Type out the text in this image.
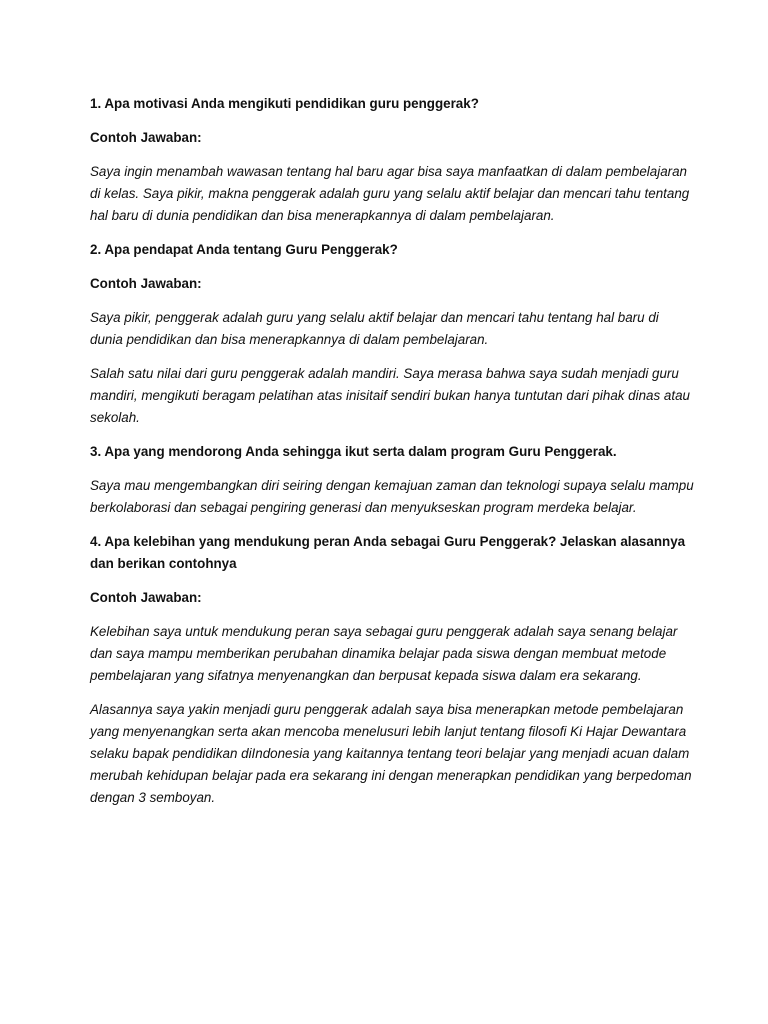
1. Apa motivasi Anda mengikuti pendidikan guru penggerak?

Contoh Jawaban:

Saya ingin menambah wawasan tentang hal baru agar bisa saya manfaatkan di dalam pembelajaran di kelas. Saya pikir, makna penggerak adalah guru yang selalu aktif belajar dan mencari tahu tentang hal baru di dunia pendidikan dan bisa menerapkannya di dalam pembelajaran.

2. Apa pendapat Anda tentang Guru Penggerak?

Contoh Jawaban:

Saya pikir, penggerak adalah guru yang selalu aktif belajar dan mencari tahu tentang hal baru di dunia pendidikan dan bisa menerapkannya di dalam pembelajaran.

Salah satu nilai dari guru penggerak adalah mandiri. Saya merasa bahwa saya sudah menjadi guru mandiri, mengikuti beragam pelatihan atas inisitaif sendiri bukan hanya tuntutan dari pihak dinas atau sekolah.

3. Apa yang mendorong Anda sehingga ikut serta dalam program Guru Penggerak.

Saya mau mengembangkan diri seiring dengan kemajuan zaman dan teknologi supaya selalu mampu berkolaborasi dan sebagai pengiring generasi dan menyukseskan program merdeka belajar.

4. Apa kelebihan yang mendukung peran Anda sebagai Guru Penggerak? Jelaskan alasannya dan berikan contohnya

Contoh Jawaban:

Kelebihan saya untuk mendukung peran saya sebagai guru penggerak adalah saya senang belajar dan saya mampu memberikan perubahan dinamika belajar pada siswa dengan membuat metode pembelajaran yang sifatnya menyenangkan dan berpusat kepada siswa dalam era sekarang.

Alasannya saya yakin menjadi guru penggerak adalah saya bisa menerapkan metode pembelajaran yang menyenangkan serta akan mencoba menelusuri lebih lanjut tentang filosofi Ki Hajar Dewantara selaku bapak pendidikan diIndonesia yang kaitannya tentang teori belajar yang menjadi acuan dalam merubah kehidupan belajar pada era sekarang ini dengan menerapkan pendidikan yang berpedoman dengan 3 semboyan.
